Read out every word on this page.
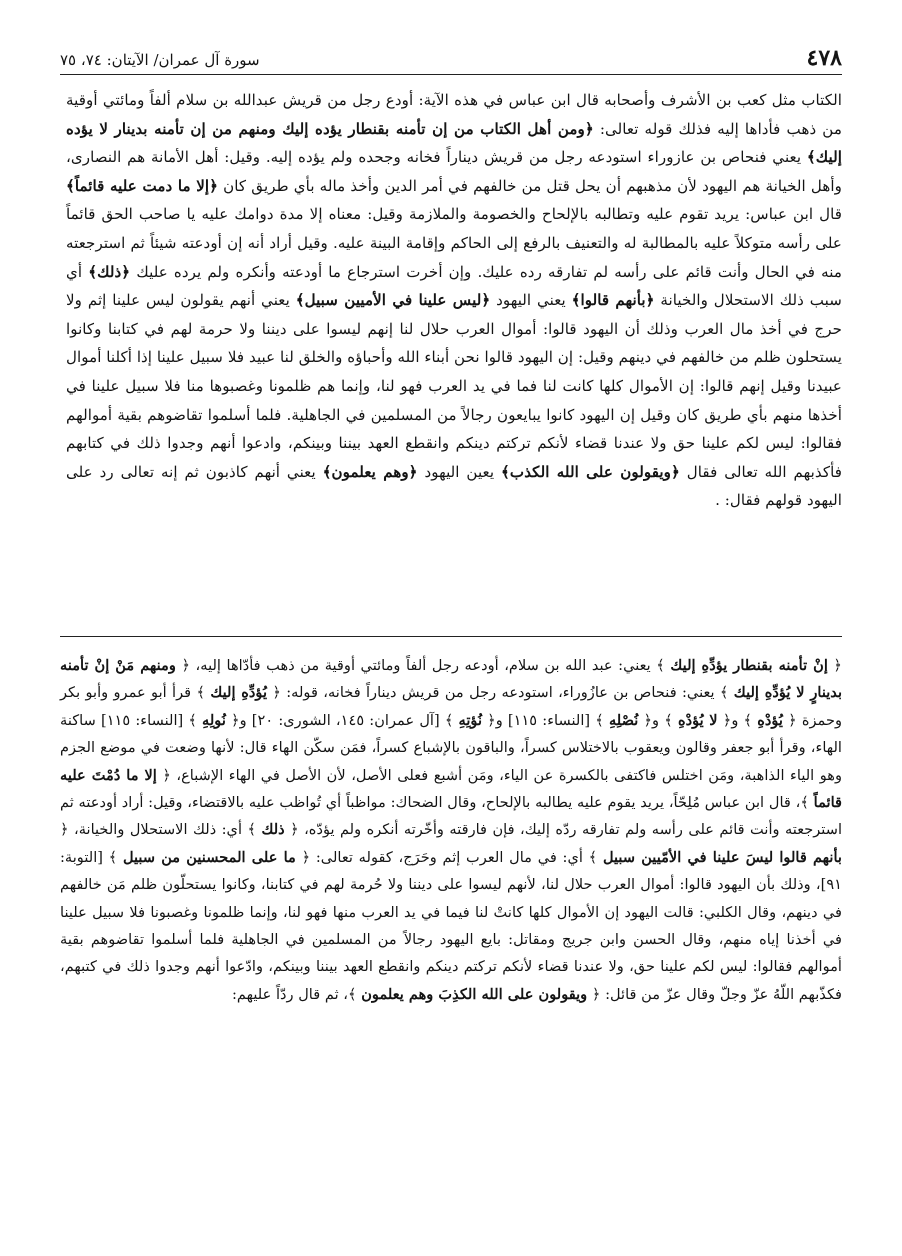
٤٧٨
سورة آل عمران/ الآيتان: ٧٤، ٧٥

الكتاب مثل كعب بن الأشرف وأصحابه قال ابن عباس في هذه الآية: أودع رجل من قريش عبدالله بن سلام ألفاً ومائتي أوقية من ذهب فأداها إليه فذلك قوله تعالى: ﴿ومن أهل الكتاب من إن تأمنه بقنطار يؤده إليك ومنهم من إن تأمنه بدينار لا يؤده إليك﴾ يعني فنحاص بن عازوراء استودعه رجل من قريش ديناراً فخانه وجحده ولم يؤده إليه. وقيل: أهل الأمانة هم النصارى، وأهل الخيانة هم اليهود لأن مذهبهم أن يحل قتل من خالفهم في أمر الدين وأخذ ماله بأي طريق كان ﴿إلا ما دمت عليه قائماً﴾ قال ابن عباس: يريد تقوم عليه وتطالبه بالإلحاح والخصومة والملازمة وقيل: معناه إلا مدة دوامك عليه يا صاحب الحق قائماً على رأسه متوكلاً عليه بالمطالبة له والتعنيف بالرفع إلى الحاكم وإقامة البينة عليه. وقيل أراد أنه إن أودعته شيئاً ثم استرجعته منه في الحال وأنت قائم على رأسه لم تفارقه رده عليك. وإن أخرت استرجاع ما أودعته وأنكره ولم يرده عليك ﴿ذلك﴾ أي سبب ذلك الاستحلال والخيانة ﴿بأنهم قالوا﴾ يعني اليهود ﴿ليس علينا في الأميين سبيل﴾ يعني أنهم يقولون ليس علينا إثم ولا حرج في أخذ مال العرب وذلك أن اليهود قالوا: أموال العرب حلال لنا إنهم ليسوا على ديننا ولا حرمة لهم في كتابنا وكانوا يستحلون ظلم من خالفهم في دينهم وقيل: إن اليهود قالوا نحن أبناء الله وأحباؤه والخلق لنا عبيد فلا سبيل علينا إذا أكلنا أموال عبيدنا وقيل إنهم قالوا: إن الأموال كلها كانت لنا فما في يد العرب فهو لنا، وإنما هم ظلمونا وغصبوها منا فلا سبيل علينا في أخذها منهم بأي طريق كان وقيل إن اليهود كانوا يبايعون رجالاً من المسلمين في الجاهلية. فلما أسلموا تقاضوهم بقية أموالهم فقالوا: ليس لكم علينا حق ولا عندنا قضاء لأنكم تركتم دينكم وانقطع العهد بيننا وبينكم، وادعوا أنهم وجدوا ذلك في كتابهم فأكذبهم الله تعالى فقال ﴿ويقولون على الله الكذب﴾ يعين اليهود ﴿وهم يعلمون﴾ يعني أنهم كاذبون ثم إنه تعالى رد على اليهود قولهم فقال: .

﴿ إنْ تأمنه بقنطار يؤدِّهِ إليك ﴾ يعني: عبد الله بن سلام، أودعه رجل ألفاً ومائتي أوقية من ذهب فأدّاها إليه، ﴿ ومنهم مَنْ إنْ تأمنه بدينارٍ لا يُؤدِّهِ إليك ﴾ يعني: فنحاص بن عازُوراء، استودعه رجل من قريش ديناراً فخانه، قوله: ﴿ يُؤدِّهِ إليك ﴾ قرأ أبو عمرو وأبو بكر وحمزة ﴿ يُؤدْهِ ﴾ و﴿ لا يُؤدْهِ ﴾ و﴿ نُصْلِهِ ﴾ [النساء: ١١٥] و﴿ نُؤتِهِ ﴾ [آل عمران: ١٤٥، الشورى: ٢٠] و﴿ نُولِهِ ﴾ [النساء: ١١٥] ساكنة الهاء، وقرأ أبو جعفر وقالون ويعقوب بالاختلاس كسراً، والباقون بالإشباع كسراً، فمَن سكّن الهاء قال: لأنها وضعت في موضع الجزم وهو الياء الذاهبة، ومَن اختلس فاكتفى بالكسرة عن الياء، ومَن أشبع فعلى الأصل، لأن الأصل في الهاء الإشباع، ﴿ إلا ما دُمْتَ عليه قائماً ﴾، قال ابن عباس مُلِحّاً، يريد يقوم عليه يطالبه بالإلحاح، وقال الضحاك: مواظباً أي تُواظب عليه بالاقتضاء، وقيل: أراد أودعته ثم استرجعته وأنت قائم على رأسه ولم تفارقه ردّه إليك، فإن فارقته وأخّرته أنكره ولم يؤدّه، ﴿ ذلك ﴾ أي: ذلك الاستحلال والخيانة، ﴿ بأنهم قالوا ليسَ علينا في الأمّيين سبيل ﴾ أي: في مال العرب إثم وحَرَج، كقوله تعالى: ﴿ ما على المحسنين من سبيل ﴾ [التوبة: ٩١]، وذلك بأن اليهود قالوا: أموال العرب حلال لنا، لأنهم ليسوا على ديننا ولا حُرمة لهم في كتابنا، وكانوا يستحلّون ظلم مَن خالفهم في دينهم، وقال الكلبي: قالت اليهود إن الأموال كلها كانتْ لنا فيما في يد العرب منها فهو لنا، وإنما ظلمونا وغصبونا فلا سبيل علينا في أخذنا إياه منهم، وقال الحسن وابن جريج ومقاتل: بايع اليهود رجالاً من المسلمين في الجاهلية فلما أسلموا تقاضوهم بقية أموالهم فقالوا: ليس لكم علينا حق، ولا عندنا قضاء لأنكم تركتم دينكم وانقطع العهد بيننا وبينكم، وادّعوا أنهم وجدوا ذلك في كتبهم، فكذّبهم اللّهُ عزّ وجلّ وقال عزّ من قائل: ﴿ ويقولون على الله الكذِبَ وهم يعلمون ﴾، ثم قال ردّاً عليهم:
